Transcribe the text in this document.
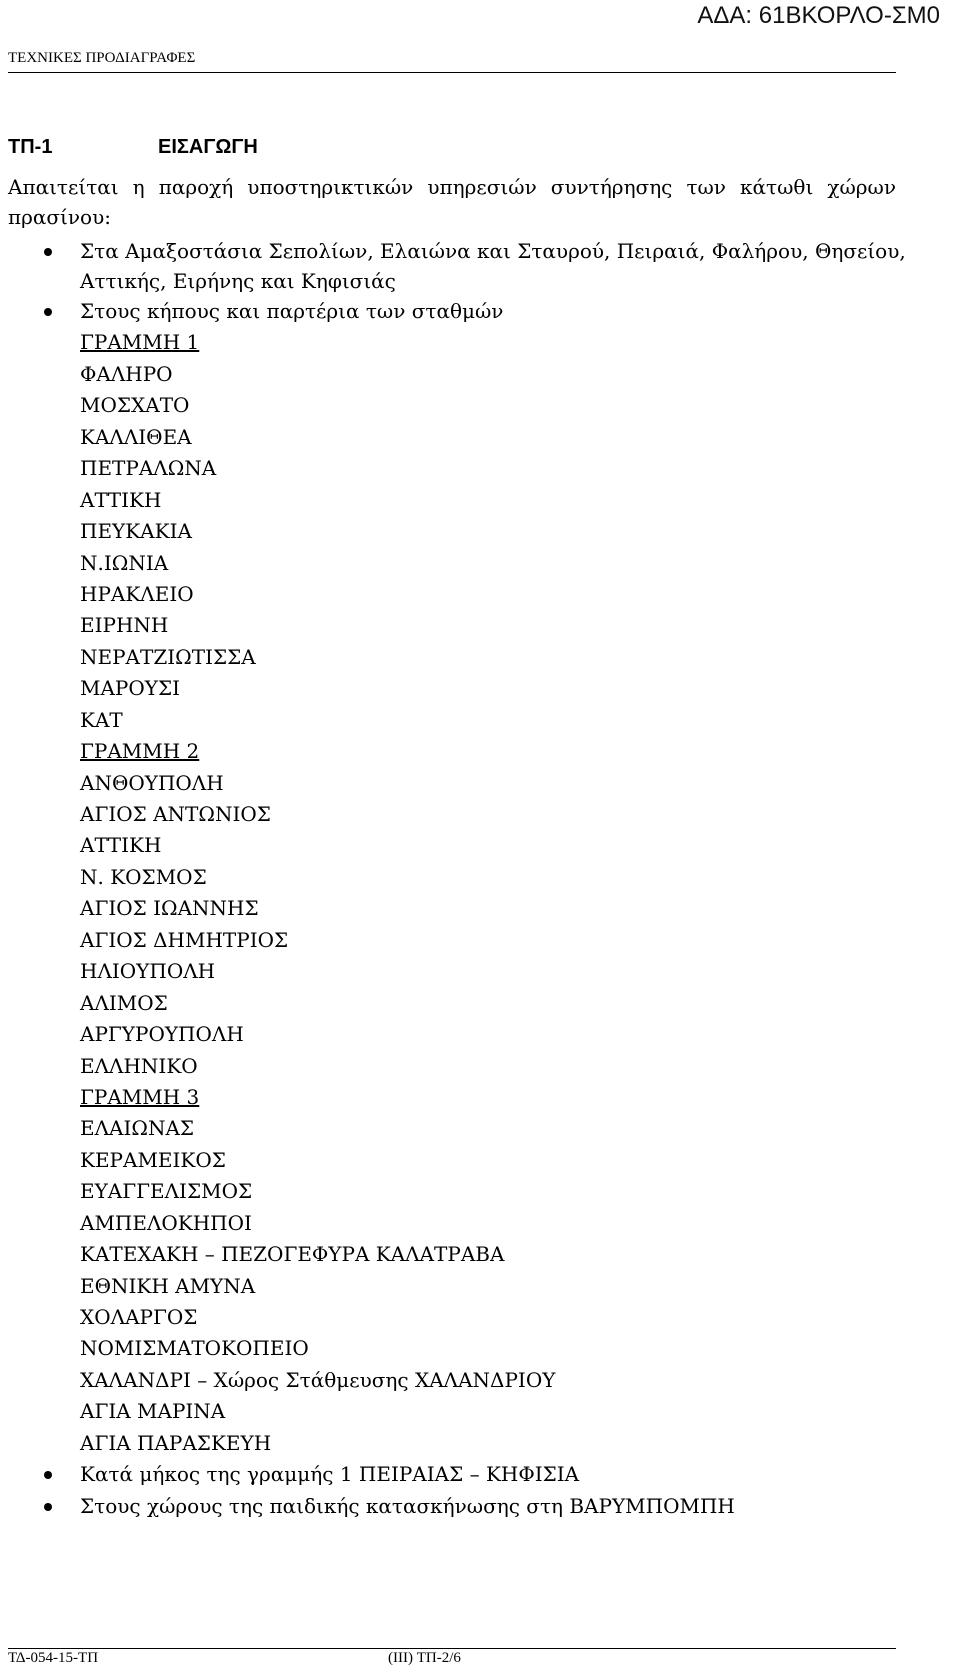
ΑΔΑ: 61ΒΚΟΡΛΟ-ΣΜ0
ΤΕΧΝΙΚΕΣ ΠΡΟΔΙΑΓΡΑΦΕΣ
ΤΠ-1	ΕΙΣΑΓΩΓΗ
Απαιτείται η παροχή υποστηρικτικών υπηρεσιών συντήρησης των κάτωθι χώρων πρασίνου:
Στα Αμαξοστάσια Σεπολίων, Ελαιώνα και Σταυρού, Πειραιά, Φαλήρου, Θησείου, Αττικής, Ειρήνης και Κηφισιάς
Στους κήπους και παρτέρια των σταθμών
ΓΡΑΜΜΗ 1
ΦΑΛΗΡΟ
ΜΟΣΧΑΤΟ
ΚΑΛΛΙΘΕΑ
ΠΕΤΡΑΛΩΝΑ
ΑΤΤΙΚΗ
ΠΕΥΚΑΚΙΑ
Ν.ΙΩΝΙΑ
ΗΡΑΚΛΕΙΟ
ΕΙΡΗΝΗ
ΝΕΡΑΤΖΙΩΤΙΣΣΑ
ΜΑΡΟΥΣΙ
ΚΑΤ
ΓΡΑΜΜΗ 2
ΑΝΘΟΥΠΟΛΗ
ΑΓΙΟΣ ΑΝΤΩΝΙΟΣ
ΑΤΤΙΚΗ
Ν. ΚΟΣΜΟΣ
ΑΓΙΟΣ ΙΩΑΝΝΗΣ
ΑΓΙΟΣ ΔΗΜΗΤΡΙΟΣ
ΗΛΙΟΥΠΟΛΗ
ΑΛΙΜΟΣ
ΑΡΓΥΡΟΥΠΟΛΗ
ΕΛΛΗΝΙΚΟ
ΓΡΑΜΜΗ 3
ΕΛΑΙΩΝΑΣ
ΚΕΡΑΜΕΙΚΟΣ
ΕΥΑΓΓΕΛΙΣΜΟΣ
ΑΜΠΕΛΟΚΗΠΟΙ
ΚΑΤΕΧΑΚΗ – ΠΕΖΟΓΕΦΥΡΑ ΚΑΛΑΤΡΑΒΑ
ΕΘΝΙΚΗ ΑΜΥΝΑ
ΧΟΛΑΡΓΟΣ
ΝΟΜΙΣΜΑΤΟΚΟΠΕΙΟ
ΧΑΛΑΝΔΡΙ – Χώρος Στάθμευσης ΧΑΛΑΝΔΡΙΟΥ
ΑΓΙΑ ΜΑΡΙΝΑ
ΑΓΙΑ ΠΑΡΑΣΚΕΥΗ
Κατά μήκος της γραμμής 1 ΠΕΙΡΑΙΑΣ – ΚΗΦΙΣΙΑ
Στους χώρους της παιδικής κατασκήνωσης στη ΒΑΡΥΜΠΟΜΠΗ
ΤΔ-054-15-ΤΠ	(III) ΤΠ-2/6
